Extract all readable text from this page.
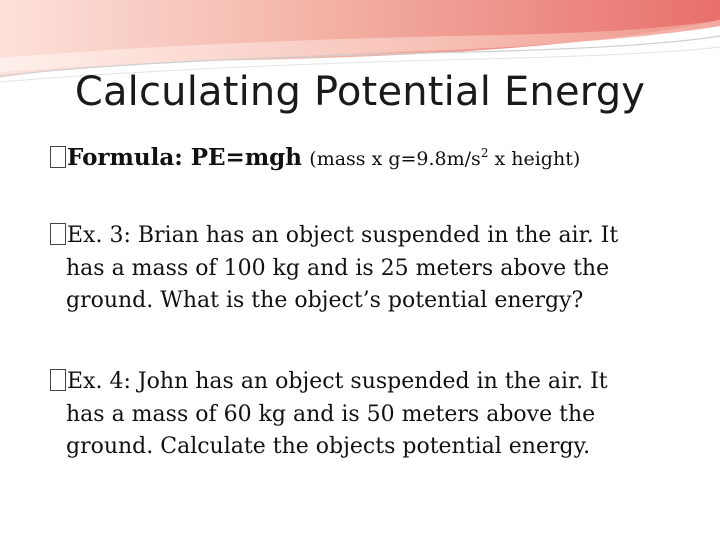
Calculating Potential Energy
Formula: PE=mgh (mass x $g=9.8m/s^2$ x height)
Ex. 3: Brian has an object suspended in the air. It
has a mass of 100 kg and is 25 meters above the
ground. What is the object’s potential energy?
Ex. 4: John has an object suspended in the air. It
has a mass of 60 kg and is 50 meters above the
ground. Calculate the objects potential energy.
